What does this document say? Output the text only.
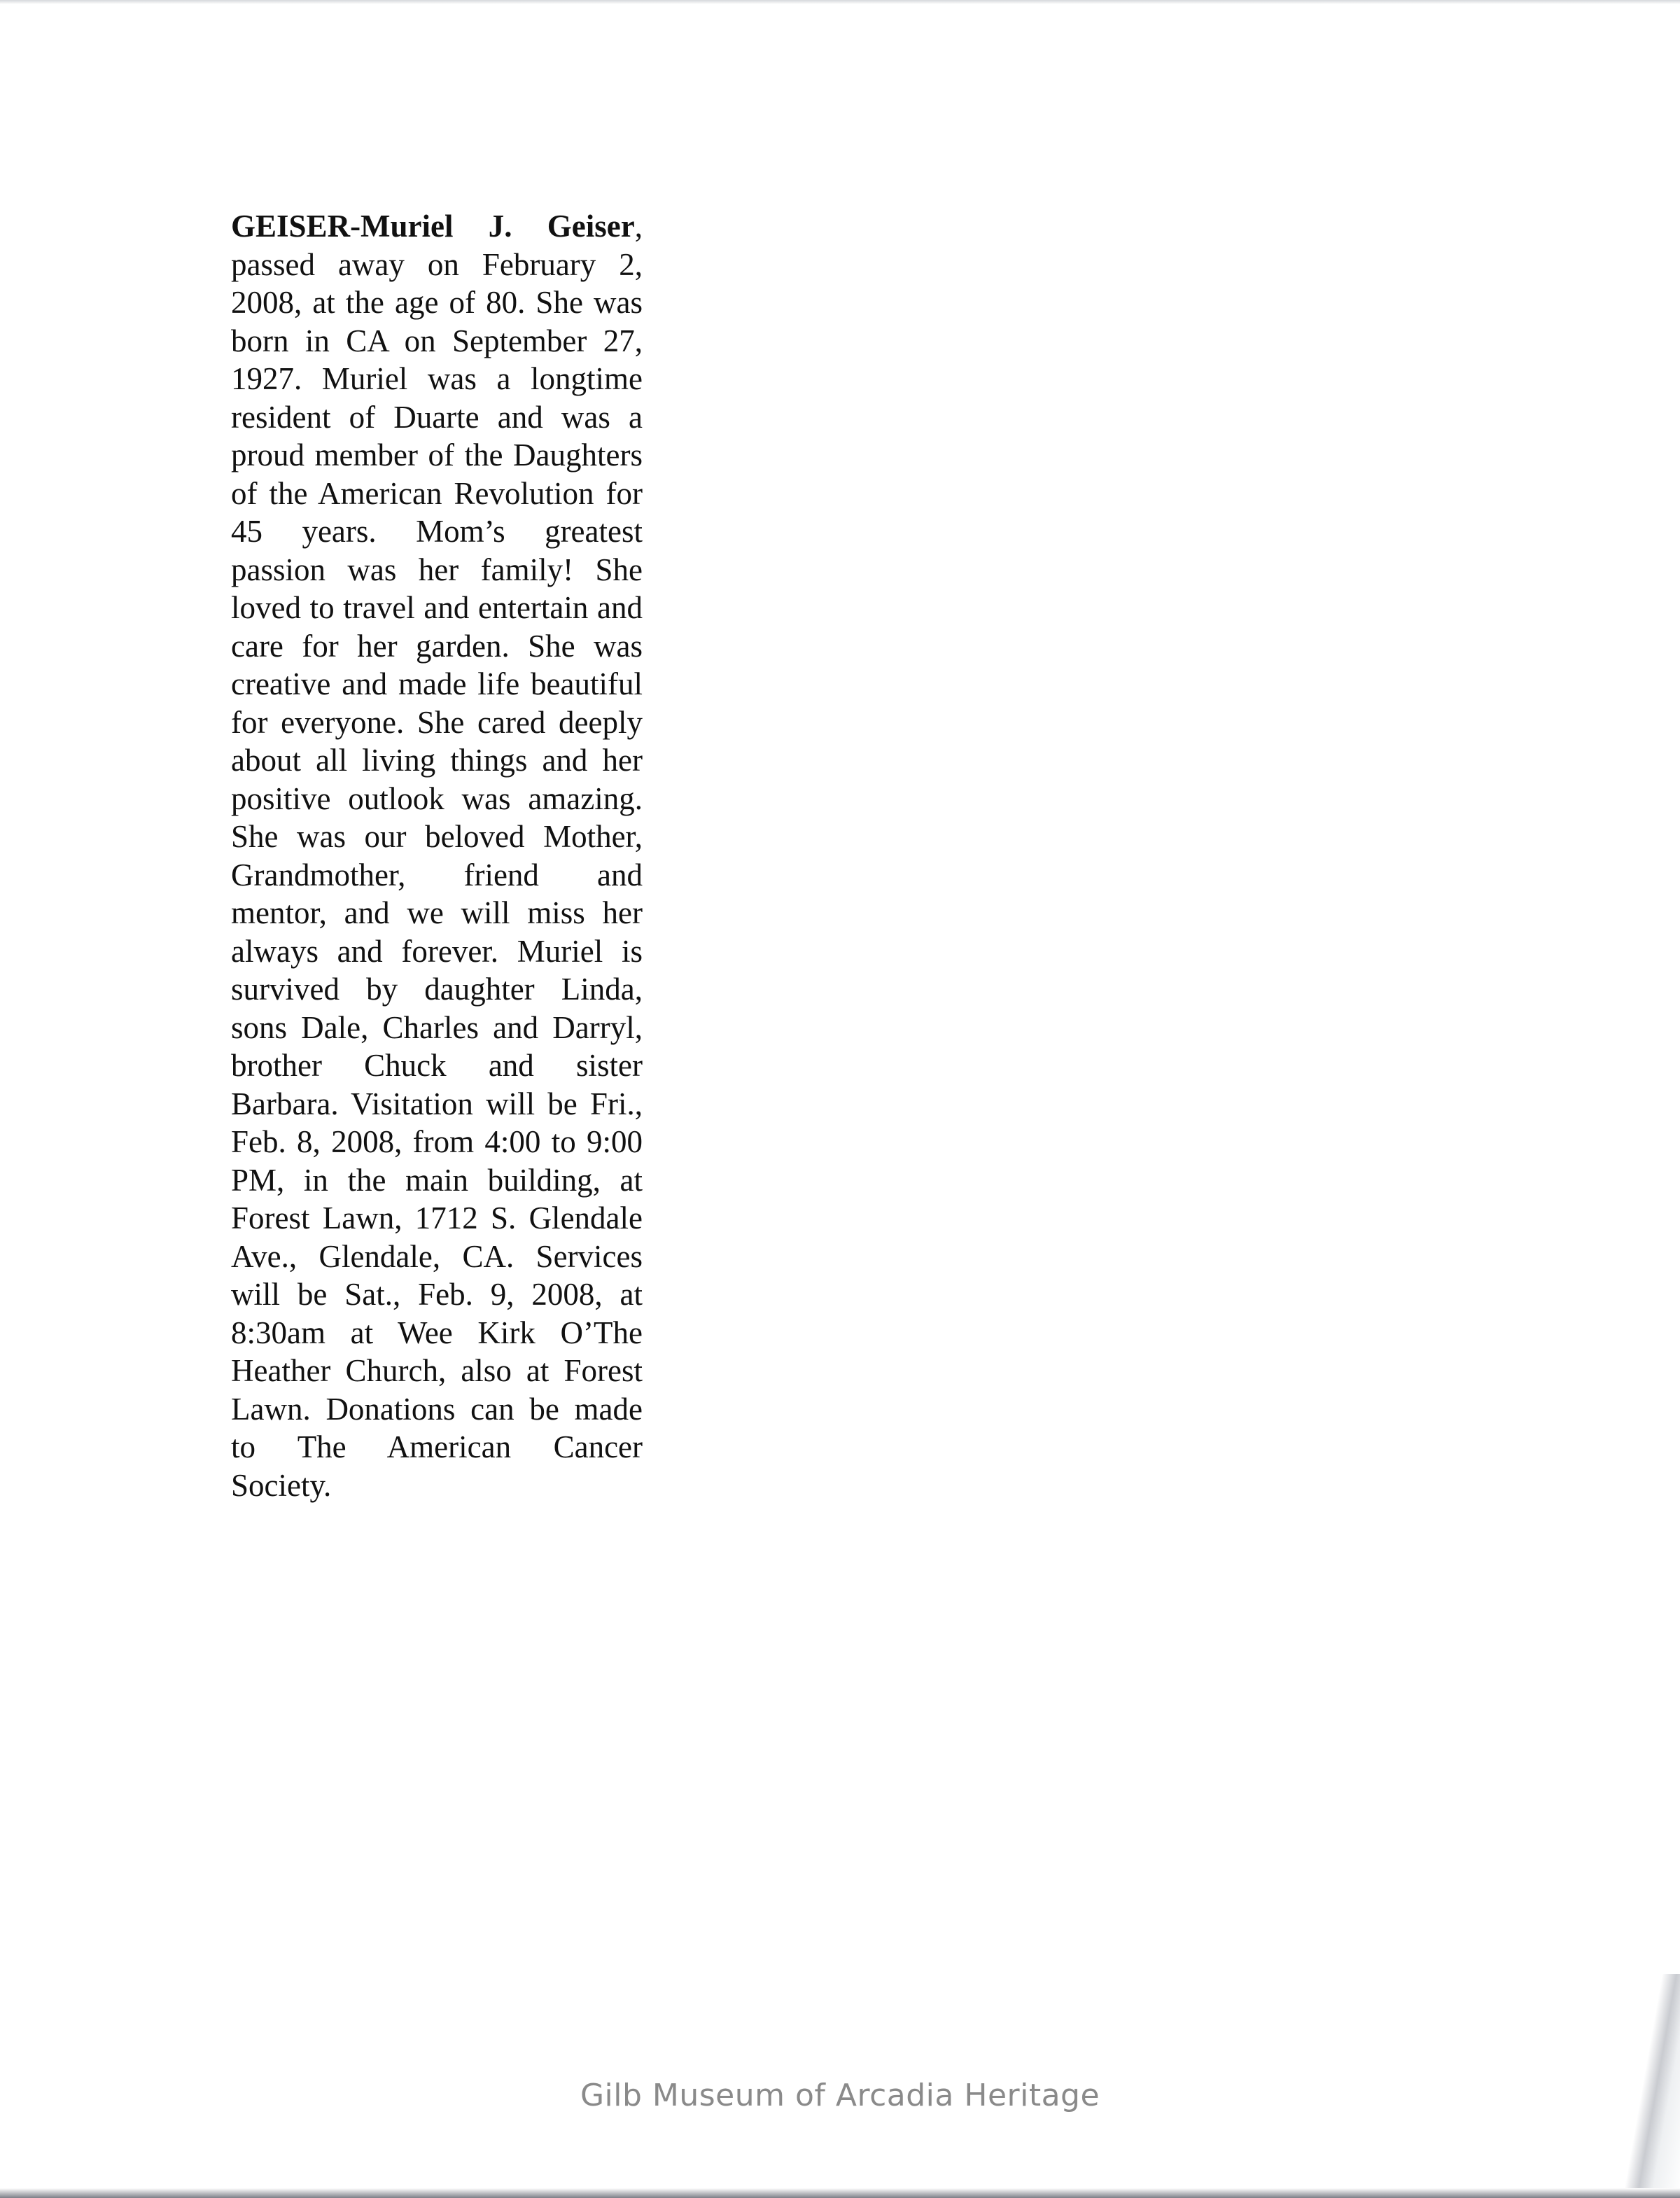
GEISER-Muriel J. Geiser, passed away on February 2, 2008, at the age of 80. She was born in CA on September 27, 1927. Muriel was a longtime resident of Duarte and was a proud member of the Daughters of the American Revolution for 45 years. Mom’s greatest passion was her family! She loved to travel and entertain and care for her garden. She was creative and made life beautiful for everyone. She cared deeply about all living things and her positive outlook was amazing. She was our beloved Mother, Grandmother, friend and mentor, and we will miss her always and forever. Muriel is survived by daughter Linda, sons Dale, Charles and Darryl, brother Chuck and sister Barbara. Visitation will be Fri., Feb. 8, 2008, from 4:00 to 9:00 PM, in the main building, at Forest Lawn, 1712 S. Glendale Ave., Glendale, CA. Services will be Sat., Feb. 9, 2008, at 8:30am at Wee Kirk O’The Heather Church, also at Forest Lawn. Donations can be made to The American Cancer Society.

Gilb Museum of Arcadia Heritage
